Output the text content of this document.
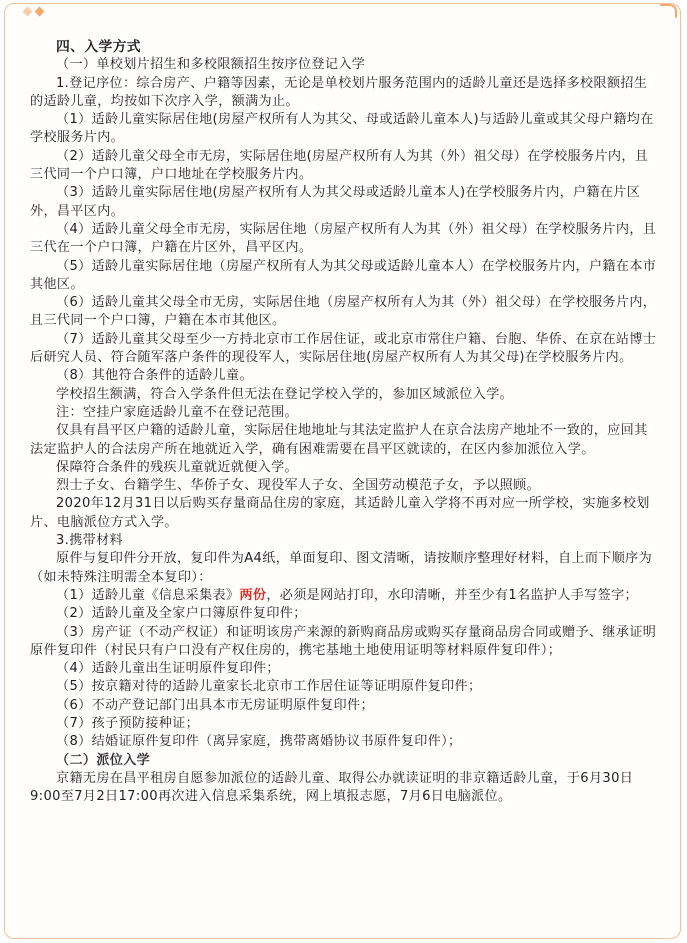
四、入学方式

（一）单校划片招生和多校限额招生按序位登记入学

1.登记序位：综合房产、户籍等因素，无论是单校划片服务范围内的适龄儿童还是选择多校限额招生的适龄儿童，均按如下次序入学，额满为止。

（1）适龄儿童实际居住地(房屋产权所有人为其父、母或适龄儿童本人)与适龄儿童或其父母户籍均在学校服务片内。

（2）适龄儿童父母全市无房，实际居住地(房屋产权所有人为其（外）祖父母）在学校服务片内，且三代同一个户口簿，户口地址在学校服务片内。

（3）适龄儿童实际居住地(房屋产权所有人为其父母或适龄儿童本人)在学校服务片内，户籍在片区外，昌平区内。

（4）适龄儿童父母全市无房，实际居住地（房屋产权所有人为其（外）祖父母）在学校服务片内，且三代在一个户口簿，户籍在片区外，昌平区内。

（5）适龄儿童实际居住地（房屋产权所有人为其父母或适龄儿童本人）在学校服务片内，户籍在本市其他区。

（6）适龄儿童其父母全市无房，实际居住地（房屋产权所有人为其（外）祖父母）在学校服务片内，且三代同一个户口簿，户籍在本市其他区。

（7）适龄儿童其父母至少一方持北京市工作居住证，或北京市常住户籍、台胞、华侨、在京在站博士后研究人员、符合随军落户条件的现役军人，实际居住地(房屋产权所有人为其父母)在学校服务片内。

（8）其他符合条件的适龄儿童。

学校招生额满，符合入学条件但无法在登记学校入学的，参加区域派位入学。

注：空挂户家庭适龄儿童不在登记范围。

仅具有昌平区户籍的适龄儿童，实际居住地地址与其法定监护人在京合法房产地址不一致的，应回其法定监护人的合法房产所在地就近入学，确有困难需要在昌平区就读的，在区内参加派位入学。

保障符合条件的残疾儿童就近就便入学。

烈士子女、台籍学生、华侨子女、现役军人子女、全国劳动模范子女，予以照顾。

2020年12月31日以后购买存量商品住房的家庭，其适龄儿童入学将不再对应一所学校，实施多校划片、电脑派位方式入学。

3.携带材料

原件与复印件分开放，复印件为A4纸，单面复印、图文清晰，请按顺序整理好材料，自上而下顺序为（如未特殊注明需全本复印）：

（1）适龄儿童《信息采集表》两份，必须是网站打印，水印清晰，并至少有1名监护人手写签字；

（2）适龄儿童及全家户口簿原件复印件；

（3）房产证（不动产权证）和证明该房产来源的新购商品房或购买存量商品房合同或赠予、继承证明原件复印件（村民只有户口没有产权住房的，携宅基地土地使用证明等材料原件复印件）；

（4）适龄儿童出生证明原件复印件；

（5）按京籍对待的适龄儿童家长北京市工作居住证等证明原件复印件；

（6）不动产登记部门出具本市无房证明原件复印件；

（7）孩子预防接种证；

（8）结婚证原件复印件（离异家庭，携带离婚协议书原件复印件）；

（二）派位入学

京籍无房在昌平租房自愿参加派位的适龄儿童、取得公办就读证明的非京籍适龄儿童，于6月30日9:00至7月2日17:00再次进入信息采集系统，网上填报志愿，7月6日电脑派位。
